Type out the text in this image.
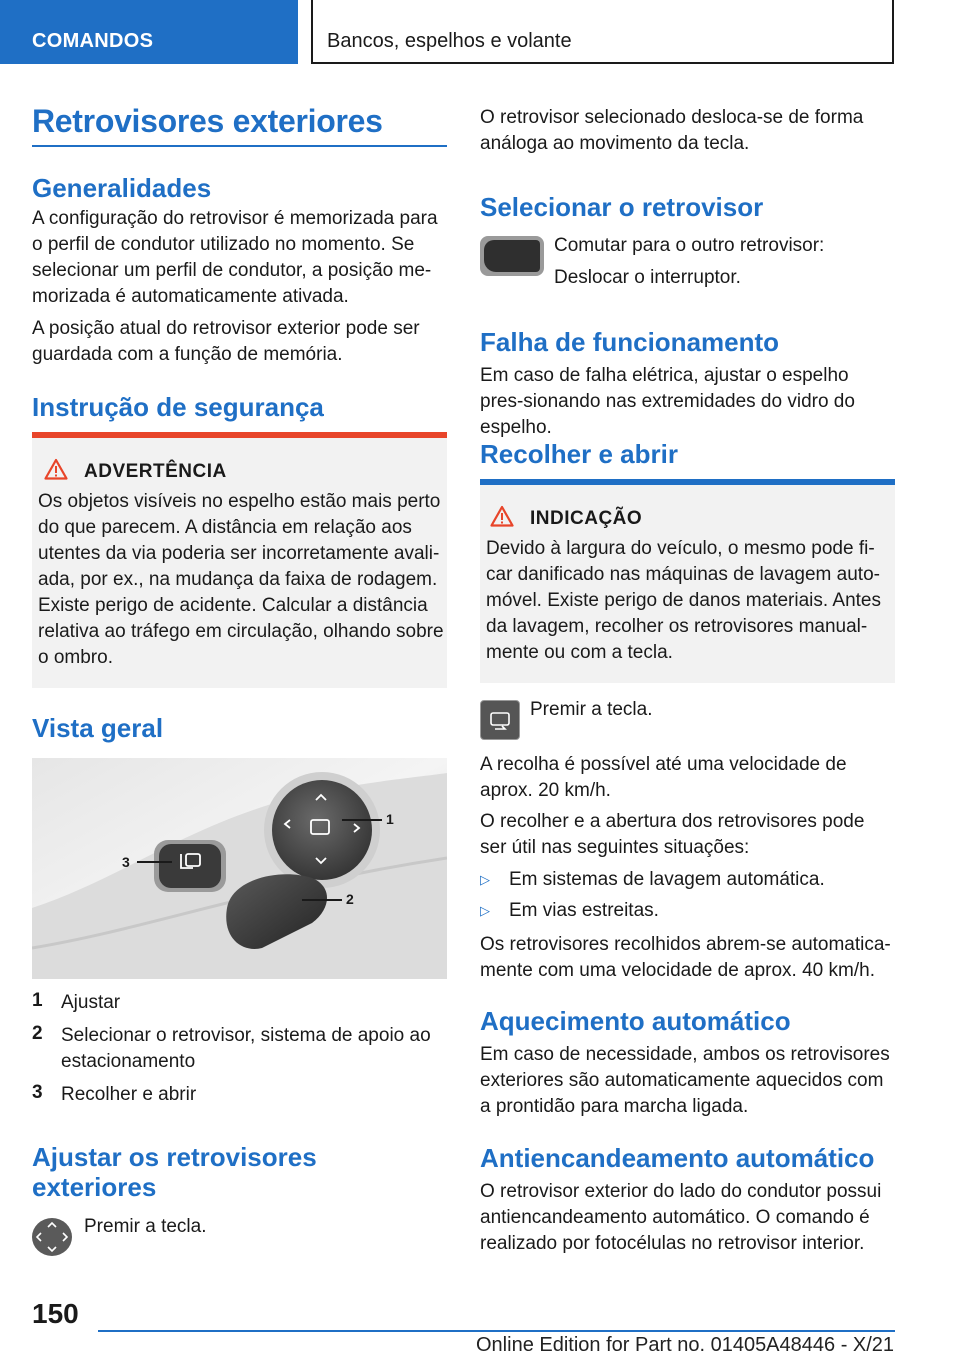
COMANDOS	Bancos, espelhos e volante
Retrovisores exteriores
Generalidades

A configuração do retrovisor é memorizada para o perfil de condutor utilizado no momento. Se selecionar um perfil de condutor, a posição me-morizada é automaticamente ativada.

A posição atual do retrovisor exterior pode ser guardada com a função de memória.

Instrução de segurança
ADVERTÊNCIA

Os objetos visíveis no espelho estão mais perto do que parecem. A distância em relação aos utentes da via poderia ser incorretamente avali-ada, por ex., na mudança da faixa de rodagem. Existe perigo de acidente. Calcular a distância relativa ao tráfego em circulação, olhando sobre o ombro.

Vista geral
1
2
3
1 Ajustar
2 Selecionar o retrovisor, sistema de apoio ao estacionamento
3 Recolher e abrir
Ajustar os retrovisores exteriores

Premir a tecla.

O retrovisor selecionado desloca-se de forma análoga ao movimento da tecla.

Selecionar o retrovisor

Comutar para o outro retrovisor:

Deslocar o interruptor.

Falha de funcionamento

Em caso de falha elétrica, ajustar o espelho pres-sionando nas extremidades do vidro do espelho.

Recolher e abrir
INDICAÇÃO

Devido à largura do veículo, o mesmo pode fi-car danificado nas máquinas de lavagem auto-móvel. Existe perigo de danos materiais. Antes da lavagem, recolher os retrovisores manual-mente ou com a tecla.

Premir a tecla.

A recolha é possível até uma velocidade de aprox. 20 km/h.

O recolher e a abertura dos retrovisores pode ser útil nas seguintes situações:

▷ Em sistemas de lavagem automática.

▷ Em vias estreitas.

Os retrovisores recolhidos abrem-se automatica-mente com uma velocidade de aprox. 40 km/h.

Aquecimento automático

Em caso de necessidade, ambos os retrovisores exteriores são automaticamente aquecidos com a prontidão para marcha ligada.

Antiencandeamento automático

O retrovisor exterior do lado do condutor possui antiencandeamento automático. O comando é realizado por fotocélulas no retrovisor interior.

150
Online Edition for Part no. 01405A48446 - X/21
